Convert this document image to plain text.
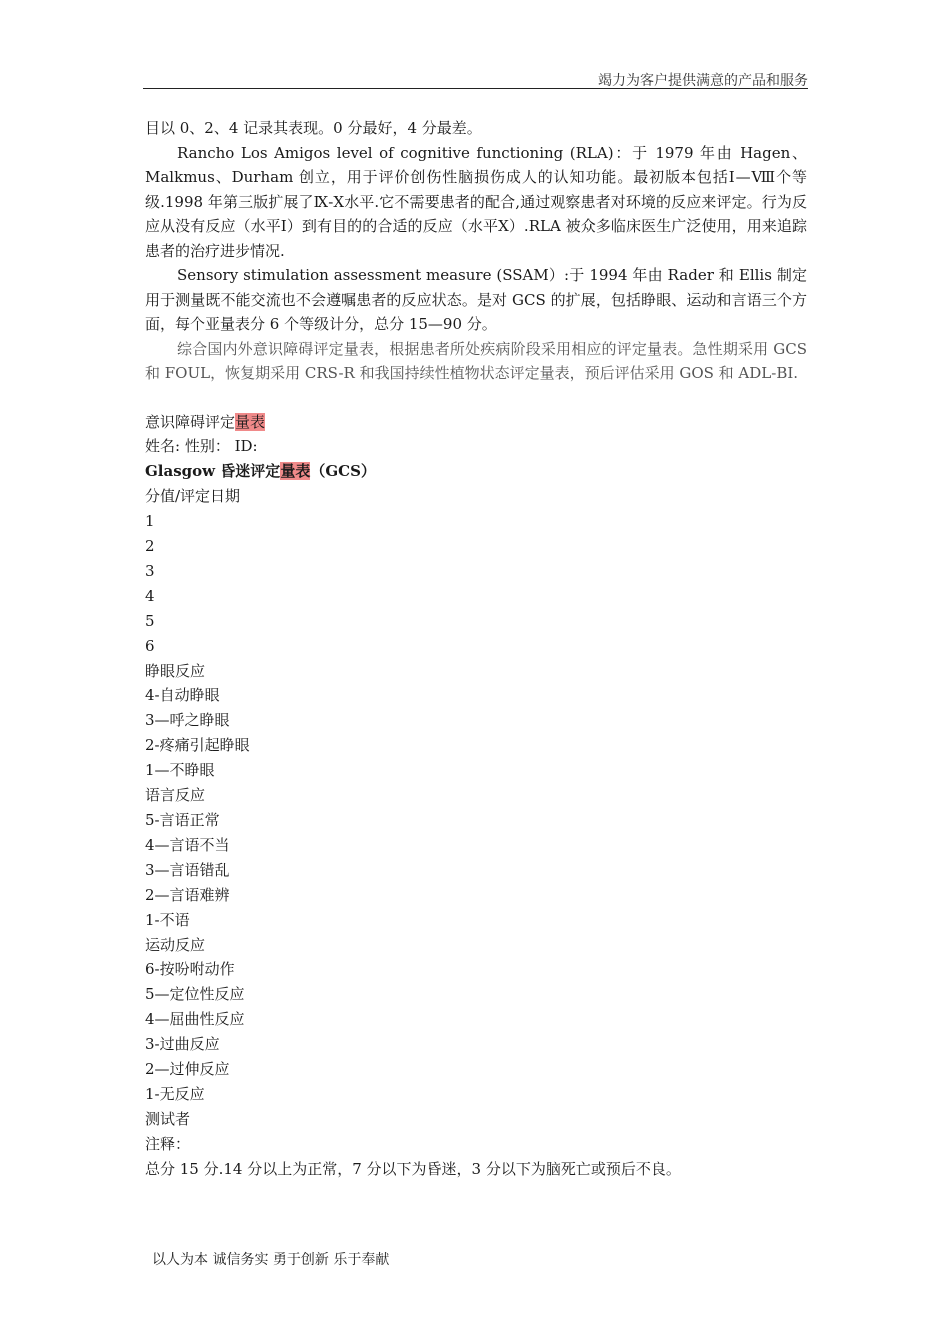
竭力为客户提供满意的产品和服务

目以 0、2、4 记录其表现。0 分最好，4 分最差。

Rancho Los Amigos level of cognitive functioning (RLA)：于 1979 年由 Hagen、Malkmus、Durham 创立，用于评价创伤性脑损伤成人的认知功能。最初版本包括Ⅰ—Ⅷ个等级.1998 年第三版扩展了Ⅸ-Ⅹ水平.它不需要患者的配合,通过观察患者对环境的反应来评定。行为反应从没有反应（水平Ⅰ）到有目的的合适的反应（水平Ⅹ）.RLA 被众多临床医生广泛使用，用来追踪患者的治疗进步情况.

Sensory stimulation assessment measure (SSAM）:于 1994 年由 Rader 和 Ellis 制定用于测量既不能交流也不会遵嘱患者的反应状态。是对 GCS 的扩展，包括睁眼、运动和言语三个方面，每个亚量表分 6 个等级计分，总分 15—90 分。

综合国内外意识障碍评定量表，根据患者所处疾病阶段采用相应的评定量表。急性期采用 GCS 和 FOUL，恢复期采用 CRS-R 和我国持续性植物状态评定量表，预后评估采用 GOS 和 ADL-BI.

意识障碍评定量表
姓名: 性别： ID:
Glasgow 昏迷评定量表（GCS）
分值/评定日期
1
2
3
4
5
6
睁眼反应
4-自动睁眼
3—呼之睁眼
2-疼痛引起睁眼
1—不睁眼
语言反应
5-言语正常
4—言语不当
3—言语错乱
2—言语难辨
1-不语
运动反应
6-按吩咐动作
5—定位性反应
4—屈曲性反应
3-过曲反应
2—过伸反应
1-无反应
测试者
注释：
总分 15 分.14 分以上为正常，7 分以下为昏迷，3 分以下为脑死亡或预后不良。
以人为本 诚信务实 勇于创新 乐于奉献
